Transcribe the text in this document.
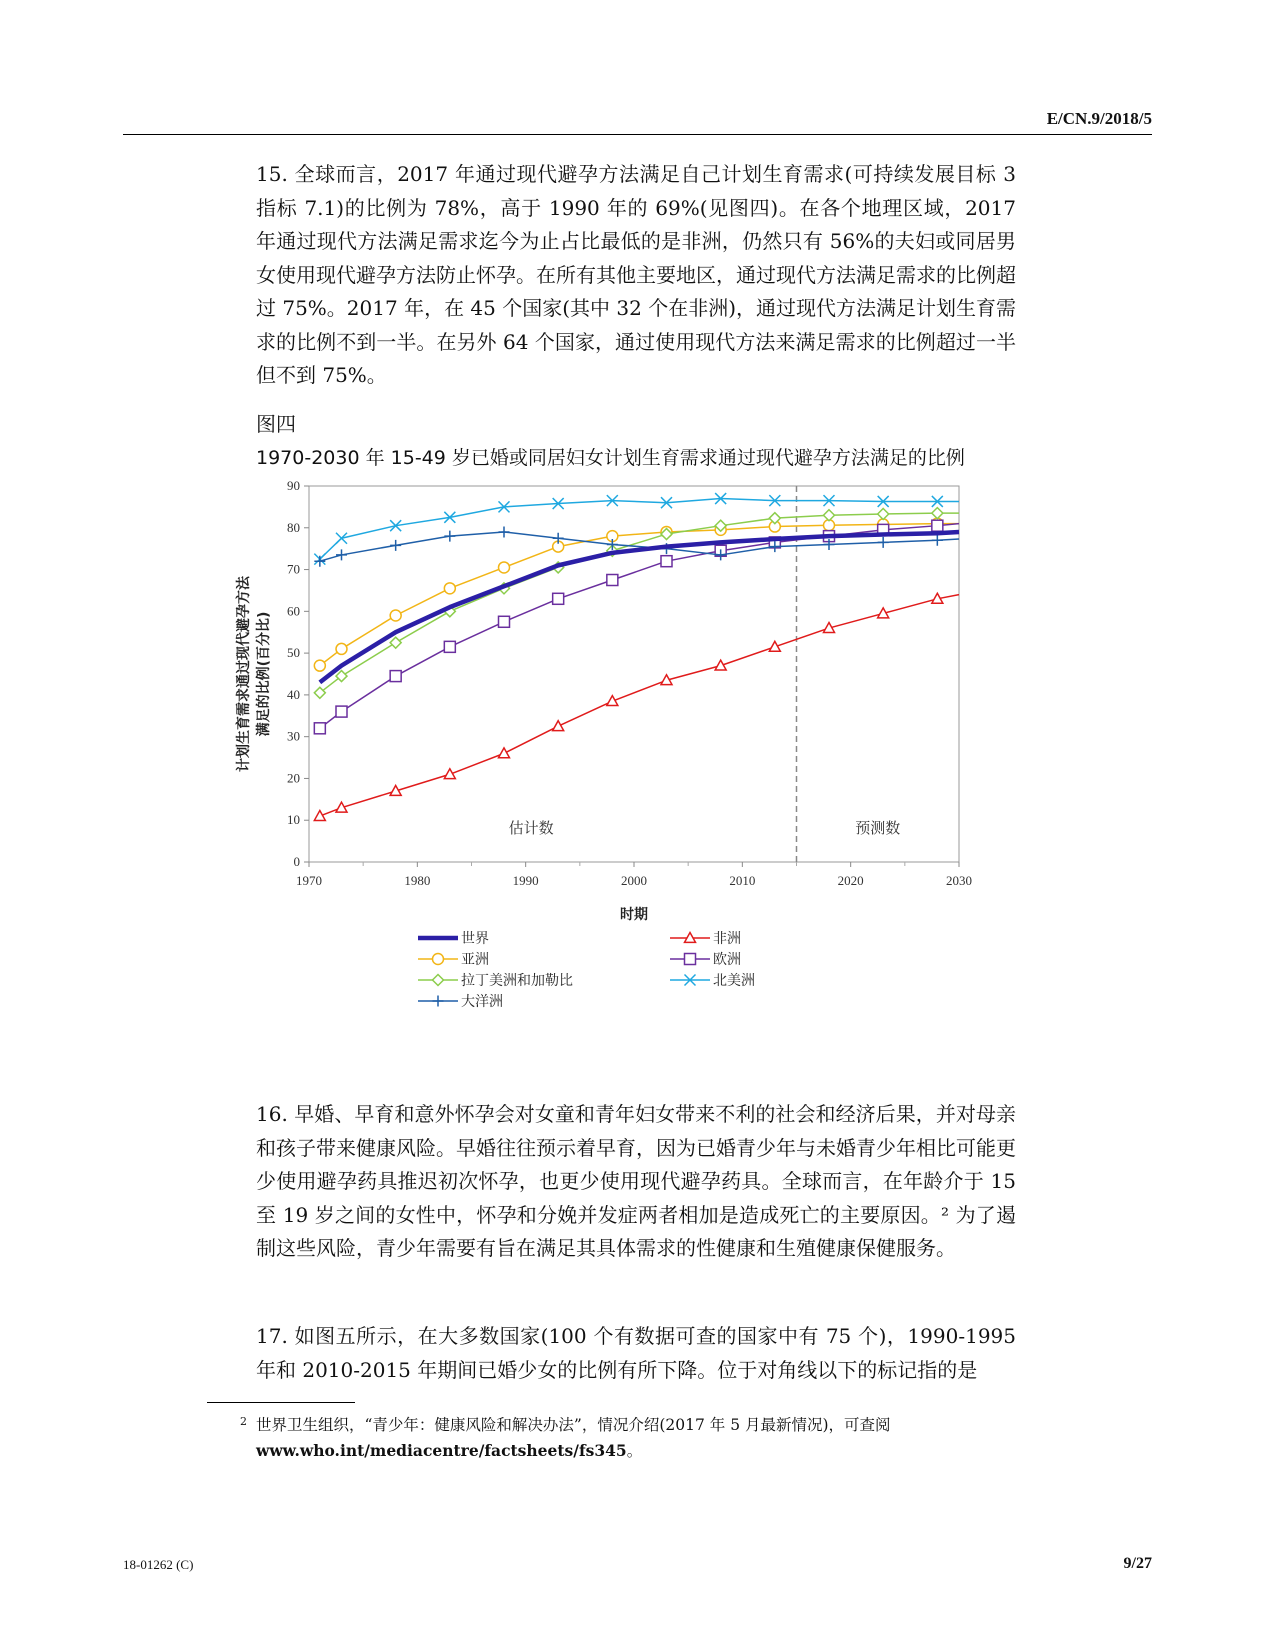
E/CN.9/2018/5
15. 全球而言，2017 年通过现代避孕方法满足自己计划生育需求(可持续发展目标 3 指标 7.1)的比例为 78%，高于 1990 年的 69%(见图四)。在各个地理区域，2017 年通过现代方法满足需求迄今为止占比最低的是非洲，仍然只有 56%的夫妇或同居男女使用现代避孕方法防止怀孕。在所有其他主要地区，通过现代方法满足需求的比例超过 75%。2017 年，在 45 个国家(其中 32 个在非洲)，通过现代方法满足计划生育需求的比例不到一半。在另外 64 个国家，通过使用现代方法来满足需求的比例超过一半但不到 75%。
图四
1970-2030 年 15-49 岁已婚或同居妇女计划生育需求通过现代避孕方法满足的比例
0
10
20
30
40
50
60
70
80
90
1970	1980	1990	2000	2010	2020	2030
估计数	预测数
时期
计划生育需求通过现代避孕方法 满足的比例(百分比)
世界	非洲
亚洲	欧洲
拉丁美洲和加勒比	北美洲
大洋洲
16. 早婚、早育和意外怀孕会对女童和青年妇女带来不利的社会和经济后果，并对母亲和孩子带来健康风险。早婚往往预示着早育，因为已婚青少年与未婚青少年相比可能更少使用避孕药具推迟初次怀孕，也更少使用现代避孕药具。全球而言，在年龄介于 15 至 19 岁之间的女性中，怀孕和分娩并发症两者相加是造成死亡的主要原因。² 为了遏制这些风险，青少年需要有旨在满足其具体需求的性健康和生殖健康保健服务。
17. 如图五所示，在大多数国家(100 个有数据可查的国家中有 75 个)，1990-1995 年和 2010-2015 年期间已婚少女的比例有所下降。位于对角线以下的标记指的是
2 世界卫生组织，“青少年：健康风险和解决办法”，情况介绍(2017 年 5 月最新情况)，可查阅
www.who.int/mediacentre/factsheets/fs345。
18-01262 (C)	9/27
